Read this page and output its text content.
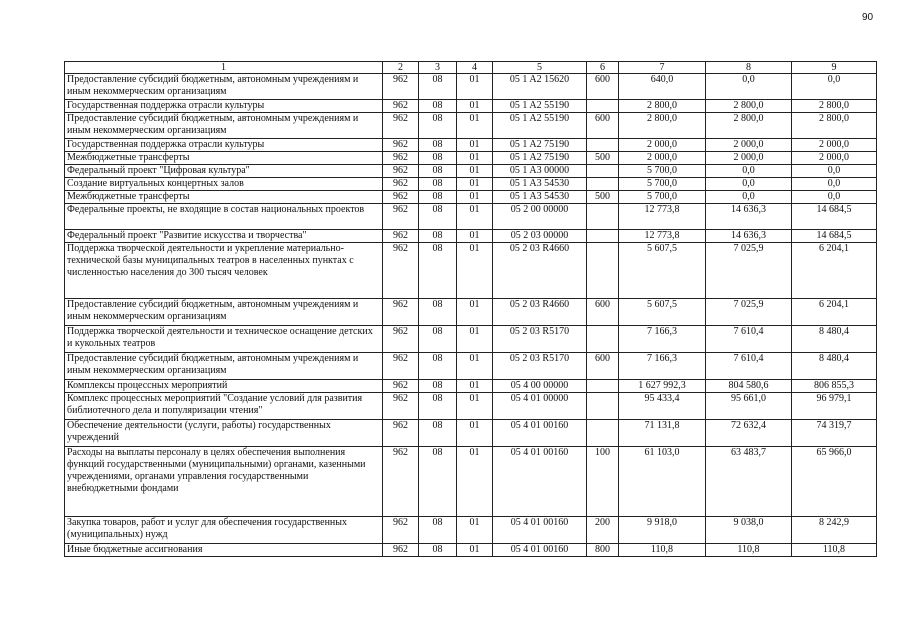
90
1	2	3	4	5	6	7	8	9
Предоставление субсидий бюджетным, автономным учреждениям и иным некоммерческим организациям	962	08	01	05 1 A2 15620	600	640,0	0,0	0,0
Государственная поддержка отрасли культуры	962	08	01	05 1 A2 55190		2 800,0	2 800,0	2 800,0
Предоставление субсидий бюджетным, автономным учреждениям и иным некоммерческим организациям	962	08	01	05 1 A2 55190	600	2 800,0	2 800,0	2 800,0
Государственная поддержка отрасли культуры	962	08	01	05 1 A2 75190		2 000,0	2 000,0	2 000,0
Межбюджетные трансферты	962	08	01	05 1 A2 75190	500	2 000,0	2 000,0	2 000,0
Федеральный проект "Цифровая культура"	962	08	01	05 1 A3 00000		5 700,0	0,0	0,0
Создание виртуальных концертных залов	962	08	01	05 1 A3 54530		5 700,0	0,0	0,0
Межбюджетные трансферты	962	08	01	05 1 A3 54530	500	5 700,0	0,0	0,0
Федеральные проекты, не входящие в состав национальных проектов	962	08	01	05 2 00 00000		12 773,8	14 636,3	14 684,5
Федеральный проект "Развитие искусства и творчества"	962	08	01	05 2 03 00000		12 773,8	14 636,3	14 684,5
Поддержка творческой деятельности и укрепление материально-технической базы муниципальных театров в населенных пунктах с численностью населения до 300 тысяч человек	962	08	01	05 2 03 R4660		5 607,5	7 025,9	6 204,1
Предоставление субсидий бюджетным, автономным учреждениям и иным некоммерческим организациям	962	08	01	05 2 03 R4660	600	5 607,5	7 025,9	6 204,1
Поддержка творческой деятельности и техническое оснащение детских и кукольных театров	962	08	01	05 2 03 R5170		7 166,3	7 610,4	8 480,4
Предоставление субсидий бюджетным, автономным учреждениям и иным некоммерческим организациям	962	08	01	05 2 03 R5170	600	7 166,3	7 610,4	8 480,4
Комплексы процессных мероприятий	962	08	01	05 4 00 00000		1 627 992,3	804 580,6	806 855,3
Комплекс процессных мероприятий "Создание условий для развития библиотечного дела и популяризации чтения"	962	08	01	05 4 01 00000		95 433,4	95 661,0	96 979,1
Обеспечение деятельности (услуги, работы) государственных учреждений	962	08	01	05 4 01 00160		71 131,8	72 632,4	74 319,7
Расходы на выплаты персоналу в целях обеспечения выполнения функций государственными (муниципальными) органами, казенными учреждениями, органами управления государственными внебюджетными фондами	962	08	01	05 4 01 00160	100	61 103,0	63 483,7	65 966,0
Закупка товаров, работ и услуг для обеспечения государственных (муниципальных) нужд	962	08	01	05 4 01 00160	200	9 918,0	9 038,0	8 242,9
Иные бюджетные ассигнования	962	08	01	05 4 01 00160	800	110,8	110,8	110,8
